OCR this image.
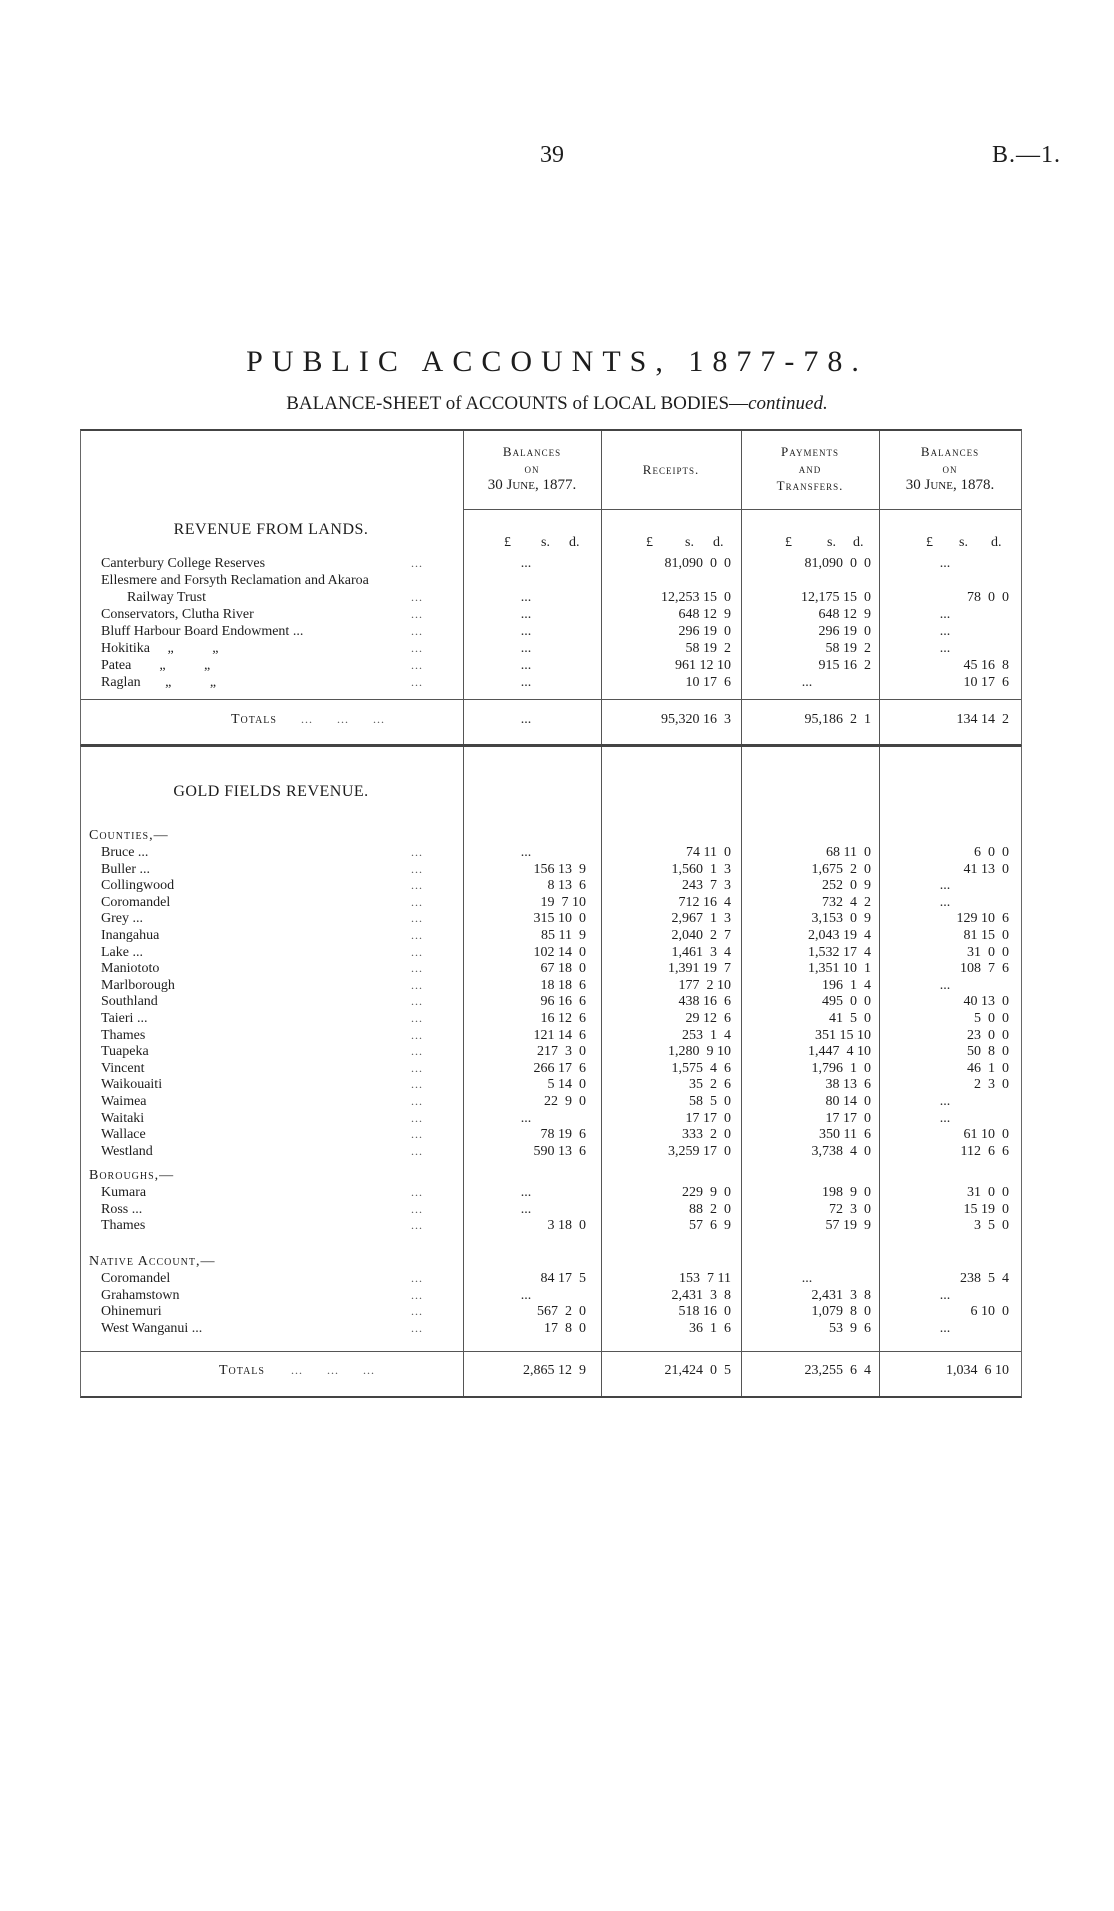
39	B.—1.
PUBLIC ACCOUNTS, 1877-78.
BALANCE-SHEET of ACCOUNTS of LOCAL BODIES—continued.
Balances
on
30 June, 1877.
Receipts.
Payments
and
Transfers.
Balances
on
30 June, 1878.
REVENUE FROM LANDS.
£ s. d.	£ s. d.	£	s. d.	£ s. d.
Canterbury College Reserves	...	...	81,090  0  0	81,090  0  0	...
Ellesmere and Forsyth Reclamation and Akaroa
Railway Trust	...	...	12,253 15  0	12,175 15  0	78  0  0
Conservators, Clutha River	...	...	648 12  9	648 12  9	...
Bluff Harbour Board Endowment ...	...	...	296 19  0	296 19  0	...
Hokitika     „           „	...	...	58 19  2	58 19  2	...
Patea        „           „	...	...	961 12 10	915 16  2	45 16  8
Raglan       „           „	...	...	10 17  6	...	10 17  6
Totals ...      ...      ...	...	95,320 16  3	95,186  2  1	134 14  2
GOLD FIELDS REVENUE.
Counties,—
Bruce ...	...	...	74 11  0	68 11  0	6  0  0
Buller ...	...	156 13  9	1,560  1  3	1,675  2  0	41 13  0
Collingwood	...	8 13  6	243  7  3	252  0  9	...
Coromandel	...	19  7 10	712 16  4	732  4  2	...
Grey ...	...	315 10  0	2,967  1  3	3,153  0  9	129 10  6
Inangahua	...	85 11  9	2,040  2  7	2,043 19  4	81 15  0
Lake ...	...	102 14  0	1,461  3  4	1,532 17  4	31  0  0
Maniototo	...	67 18  0	1,391 19  7	1,351 10  1	108  7  6
Marlborough	...	18 18  6	177  2 10	196  1  4	...
Southland	...	96 16  6	438 16  6	495  0  0	40 13  0
Taieri ...	...	16 12  6	29 12  6	41  5  0	5  0  0
Thames	...	121 14  6	253  1  4	351 15 10	23  0  0
Tuapeka	...	217  3  0	1,280  9 10	1,447  4 10	50  8  0
Vincent	...	266 17  6	1,575  4  6	1,796  1  0	46  1  0
Waikouaiti	...	5 14  0	35  2  6	38 13  6	2  3  0
Waimea	...	22  9  0	58  5  0	80 14  0	...
Waitaki	...	...	17 17  0	17 17  0	...
Wallace	...	78 19  6	333  2  0	350 11  6	61 10  0
Westland	...	590 13  6	3,259 17  0	3,738  4  0	112  6  6
Boroughs,—
Kumara	...	...	229  9  0	198  9  0	31  0  0
Ross ...	...	...	88  2  0	72  3  0	15 19  0
Thames	...	3 18  0	57  6  9	57 19  9	3  5  0
Native Account,—
Coromandel	...	84 17  5	153  7 11	...	238  5  4
Grahamstown	...	...	2,431  3  8	2,431  3  8	...
Ohinemuri	...	567  2  0	518 16  0	1,079  8  0	6 10  0
West Wanganui ...	...	17  8  0	36  1  6	53  9  6	...
Totals ...      ...      ...	2,865 12  9	21,424  0  5	23,255  6  4	1,034  6 10
